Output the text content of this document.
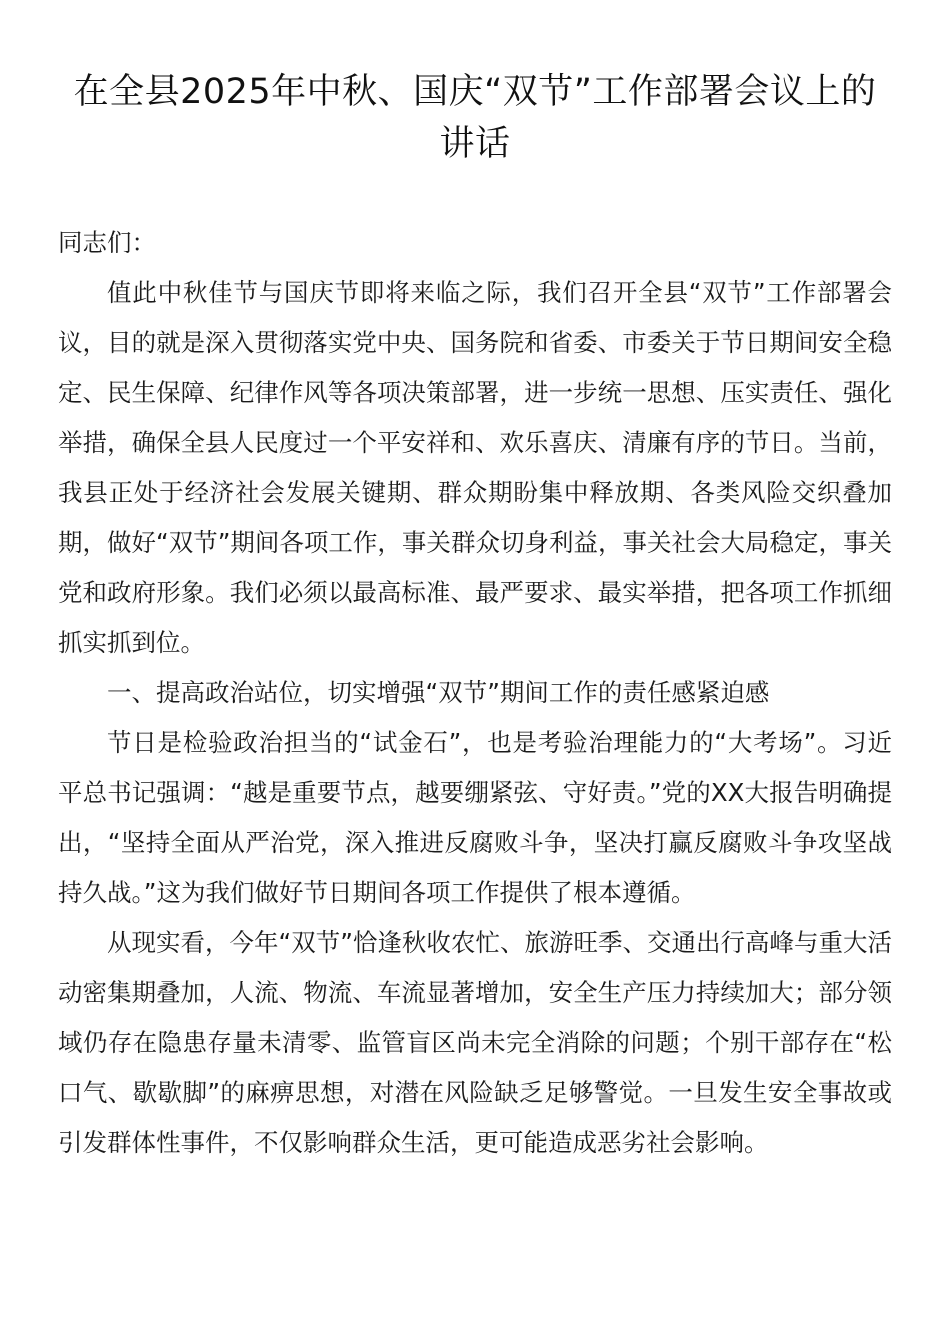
在全县2025年中秋、国庆“双节”工作部署会议上的讲话

同志们：

值此中秋佳节与国庆节即将来临之际，我们召开全县“双节”工作部署会议，目的就是深入贯彻落实党中央、国务院和省委、市委关于节日期间安全稳定、民生保障、纪律作风等各项决策部署，进一步统一思想、压实责任、强化举措，确保全县人民度过一个平安祥和、欢乐喜庆、清廉有序的节日。当前，我县正处于经济社会发展关键期、群众期盼集中释放期、各类风险交织叠加期，做好“双节”期间各项工作，事关群众切身利益，事关社会大局稳定，事关党和政府形象。我们必须以最高标准、最严要求、最实举措，把各项工作抓细抓实抓到位。

一、提高政治站位，切实增强“双节”期间工作的责任感紧迫感

节日是检验政治担当的“试金石”，也是考验治理能力的“大考场”。习近平总书记强调：“越是重要节点，越要绷紧弦、守好责。”党的XX大报告明确提出，“坚持全面从严治党，深入推进反腐败斗争，坚决打赢反腐败斗争攻坚战持久战。”这为我们做好节日期间各项工作提供了根本遵循。

从现实看，今年“双节”恰逢秋收农忙、旅游旺季、交通出行高峰与重大活动密集期叠加，人流、物流、车流显著增加，安全生产压力持续加大；部分领域仍存在隐患存量未清零、监管盲区尚未完全消除的问题；个别干部存在“松口气、歇歇脚”的麻痹思想，对潜在风险缺乏足够警觉。一旦发生安全事故或引发群体性事件，不仅影响群众生活，更可能造成恶劣社会影响。
